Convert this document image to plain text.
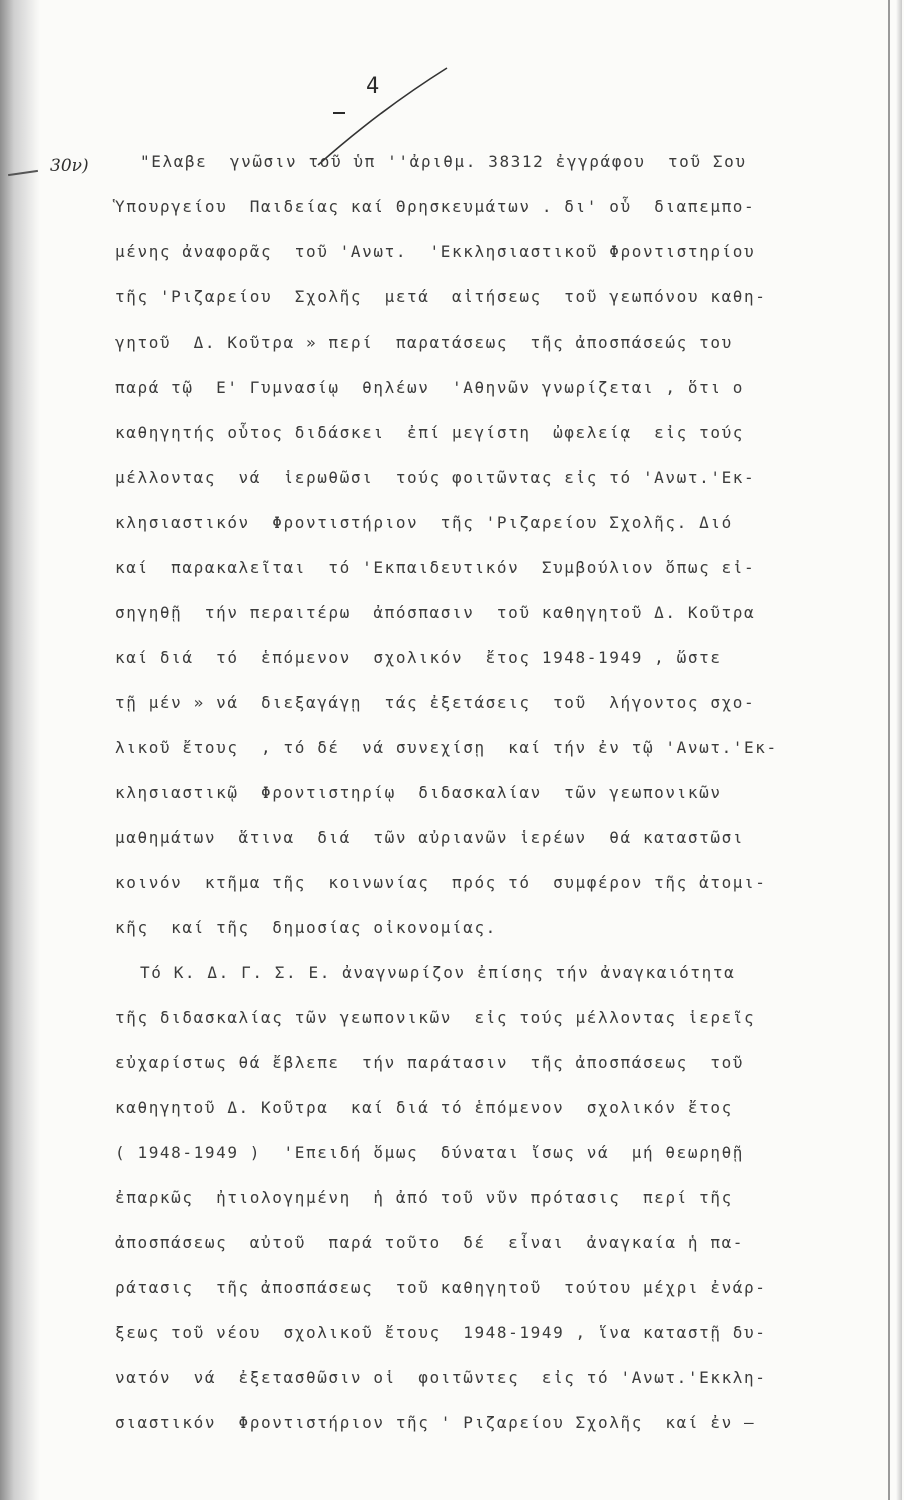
4

30ν)	"Ελαβε  γνῶσιν τοῦ ὑπ ''ἀριθμ. 38312 ἐγγράφου  τοῦ Σου

Ὑπουργείου  Παιδείας καί Θρησκευμάτων . δι' οὗ  διαπεμπο-

μένης ἀναφορᾶς  τοῦ 'Ανωτ.  'Εκκλησιαστικοῦ Φροντιστηρίου

τῆς 'Ριζαρείου  Σχολῆς  μετά  αἰτήσεως  τοῦ γεωπόνου καθη-

γητοῦ  Δ. Κοῦτρα » περί  παρατάσεως  τῆς ἀποσπάσεώς του

παρά τῷ  Ε' Γυμνασίῳ  θηλέων  'Αθηνῶν γνωρίζεται , ὅτι ο

καθηγητής οὗτος διδάσκει  ἐπί μεγίστη  ὠφελείᾳ  εἰς τούς

μέλλοντας  νά  ἱερωθῶσι  τούς φοιτῶντας εἰς τό 'Ανωτ.'Εκ-

κλησιαστικόν  Φροντιστήριον  τῆς 'Ριζαρείου Σχολῆς. Διό

καί  παρακαλεῖται  τό 'Εκπαιδευτικόν  Συμβούλιον ὅπως εἰ-

σηγηθῇ  τήν περαιτέρω  ἀπόσπασιν  τοῦ καθηγητοῦ Δ. Κοῦτρα

καί διά  τό  ἑπόμενον  σχολικόν  ἔτος 1948-1949 , ὥστε

τῇ μέν » νά  διεξαγάγῃ  τάς ἐξετάσεις  τοῦ  λήγοντος σχο-

λικοῦ ἔτους  , τό δέ  νά συνεχίσῃ  καί τήν ἐν τῷ 'Ανωτ.'Εκ-

κλησιαστικῷ  Φροντιστηρίῳ  διδασκαλίαν  τῶν γεωπονικῶν

μαθημάτων  ἅτινα  διά  τῶν αὐριανῶν ἱερέων  θά καταστῶσι

κοινόν  κτῆμα τῆς  κοινωνίας  πρός τό  συμφέρον τῆς ἀτομι-

κῆς  καί τῆς  δημοσίας οἰκονομίας.

Τό Κ. Δ. Γ. Σ. Ε. ἀναγνωρίζον ἐπίσης τήν ἀναγκαιότητα

τῆς διδασκαλίας τῶν γεωπονικῶν  εἰς τούς μέλλοντας ἱερεῖς

εὐχαρίστως θά ἔβλεπε  τήν παράτασιν  τῆς ἀποσπάσεως  τοῦ

καθηγητοῦ Δ. Κοῦτρα  καί διά τό ἑπόμενον  σχολικόν ἔτος

( 1948-1949 )  'Επειδή ὅμως  δύναται ἴσως νά  μή θεωρηθῇ

ἐπαρκῶς  ἠτιολογημένη  ἡ ἀπό τοῦ νῦν πρότασις  περί τῆς

ἀποσπάσεως  αὐτοῦ  παρά τοῦτο  δέ  εἶναι  ἀναγκαία ἡ πα-

ράτασις  τῆς ἀποσπάσεως  τοῦ καθηγητοῦ  τούτου μέχρι ἐνάρ-

ξεως τοῦ νέου  σχολικοῦ ἔτους  1948-1949 , ἵνα καταστῇ δυ-

νατόν  νά  ἐξετασθῶσιν οἱ  φοιτῶντες  εἰς τό 'Ανωτ.'Εκκλη-

σιαστικόν  Φροντιστήριον τῆς ' Ριζαρείου Σχολῆς  καί ἐν —
